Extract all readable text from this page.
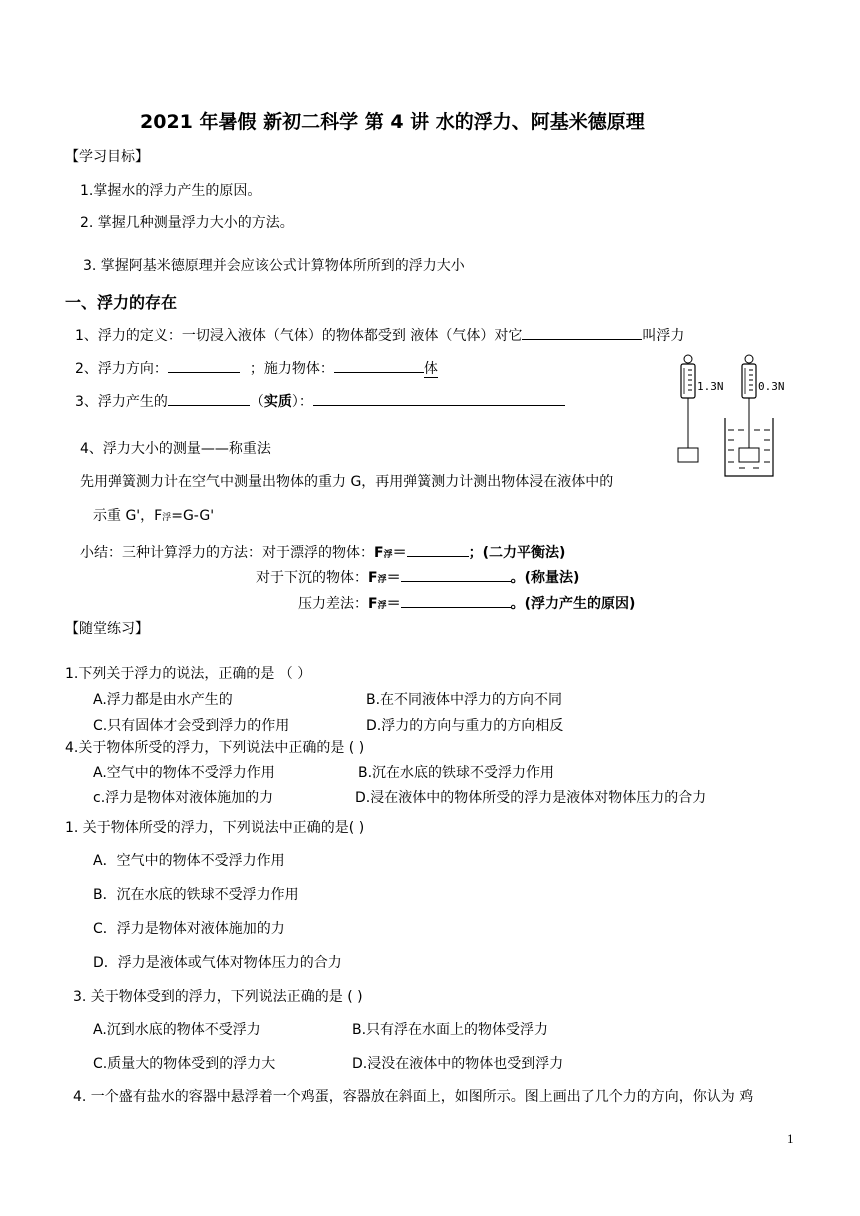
2021 年暑假 新初二科学 第 4 讲 水的浮力、阿基米德原理
【学习目标】
1.掌握水的浮力产生的原因。
2. 掌握几种测量浮力大小的方法。
3. 掌握阿基米德原理并会应该公式计算物体所所到的浮力大小
一、浮力的存在
1、浮力的定义：一切浸入液体（气体）的物体都受到 液体（气体）对它	叫浮力
2、浮力方向：	；施力物体：	体
3、浮力产生的	（实质）：
4、浮力大小的测量——称重法
先用弹簧测力计在空气中测量出物体的重力 G，再用弹簧测力计测出物体浸在液体中的
示重 G'，F浮=G-G'
小结：三种计算浮力的方法：对于漂浮的物体：F浮＝	；(二力平衡法)
对于下沉的物体：F浮＝	。(称量法)
压力差法：F浮＝	。(浮力产生的原因)
1.3N	0.3N
【随堂练习】
1.下列关于浮力的说法，正确的是 （ ）
A.浮力都是由水产生的	B.在不同液体中浮力的方向不同
C.只有固体才会受到浮力的作用	D.浮力的方向与重力的方向相反
4.关于物体所受的浮力，下列说法中正确的是 ( )
A.空气中的物体不受浮力作用	B.沉在水底的铁球不受浮力作用
c.浮力是物体对液体施加的力	D.浸在液体中的物体所受的浮力是液体对物体压力的合力
1. 关于物体所受的浮力，下列说法中正确的是( )
A．空气中的物体不受浮力作用
B．沉在水底的铁球不受浮力作用
C．浮力是物体对液体施加的力
D．浮力是液体或气体对物体压力的合力
3. 关于物体受到的浮力，下列说法正确的是 ( )
A.沉到水底的物体不受浮力	B.只有浮在水面上的物体受浮力
C.质量大的物体受到的浮力大	D.浸没在液体中的物体也受到浮力
4. 一个盛有盐水的容器中悬浮着一个鸡蛋，容器放在斜面上，如图所示。图上画出了几个力的方向，你认为 鸡
1
